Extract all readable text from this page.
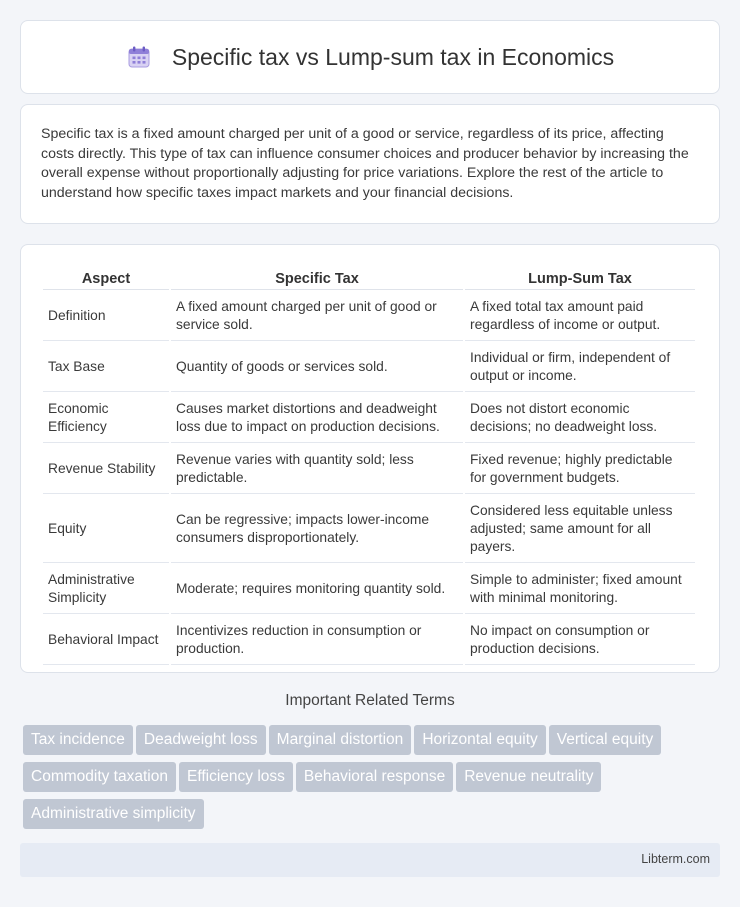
Specific tax vs Lump-sum tax in Economics

Specific tax is a fixed amount charged per unit of a good or service, regardless of its price, affecting costs directly. This type of tax can influence consumer choices and producer behavior by increasing the overall expense without proportionally adjusting for price variations. Explore the rest of the article to understand how specific taxes impact markets and your financial decisions.

Aspect	Specific Tax	Lump-Sum Tax
Definition	A fixed amount charged per unit of good or service sold.	A fixed total tax amount paid regardless of income or output.
Tax Base	Quantity of goods or services sold.	Individual or firm, independent of output or income.
Economic Efficiency	Causes market distortions and deadweight loss due to impact on production decisions.	Does not distort economic decisions; no deadweight loss.
Revenue Stability	Revenue varies with quantity sold; less predictable.	Fixed revenue; highly predictable for government budgets.
Equity	Can be regressive; impacts lower-income consumers disproportionately.	Considered less equitable unless adjusted; same amount for all payers.
Administrative Simplicity	Moderate; requires monitoring quantity sold.	Simple to administer; fixed amount with minimal monitoring.
Behavioral Impact	Incentivizes reduction in consumption or production.	No impact on consumption or production decisions.
Important Related Terms
Tax incidence	Deadweight loss	Marginal distortion	Horizontal equity	Vertical equity
Commodity taxation	Efficiency loss	Behavioral response	Revenue neutrality
Administrative simplicity
Libterm.com
